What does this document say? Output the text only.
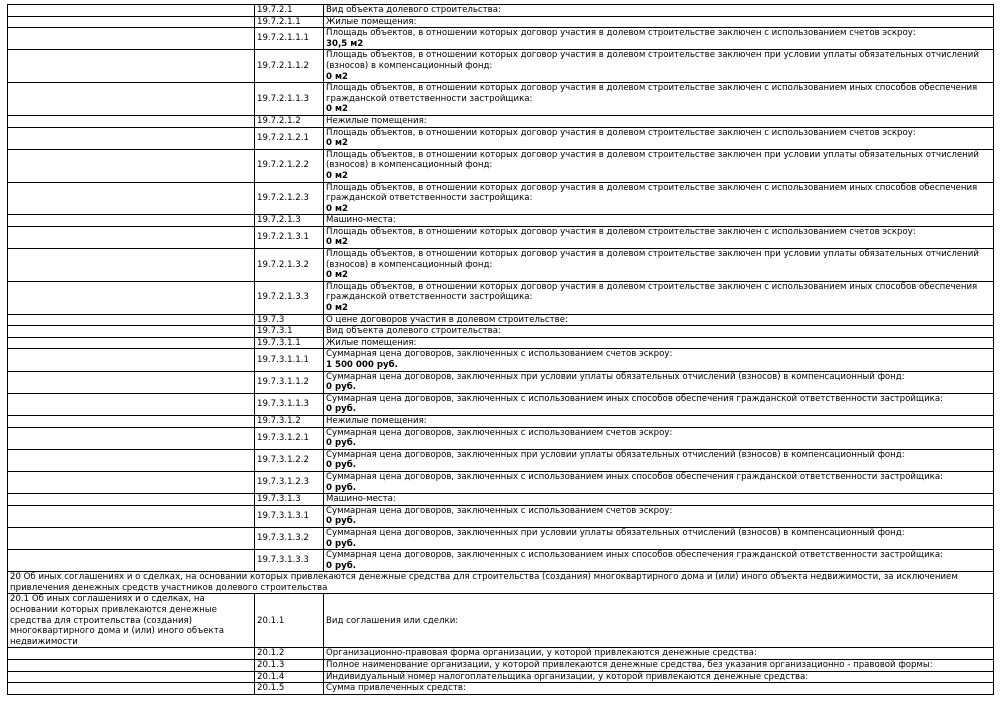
	19.7.2.1	Вид объекта долевого строительства:
	19.7.2.1.1	Жилые помещения:
	19.7.2.1.1.1	Площадь объектов, в отношении которых договор участия в долевом строительстве заключен с использованием счетов эскроу:
30,5 м2

	19.7.2.1.1.2	Площадь объектов, в отношении которых договор участия в долевом строительстве заключен при условии уплаты обязательных отчислений (взносов) в компенсационный фонд:
0 м2

	19.7.2.1.1.3	Площадь объектов, в отношении которых договор участия в долевом строительстве заключен с использованием иных способов обеспечения гражданской ответственности застройщика:
0 м2

	19.7.2.1.2	Нежилые помещения:
	19.7.2.1.2.1	Площадь объектов, в отношении которых договор участия в долевом строительстве заключен с использованием счетов эскроу:
0 м2

	19.7.2.1.2.2	Площадь объектов, в отношении которых договор участия в долевом строительстве заключен при условии уплаты обязательных отчислений (взносов) в компенсационный фонд:
0 м2

	19.7.2.1.2.3	Площадь объектов, в отношении которых договор участия в долевом строительстве заключен с использованием иных способов обеспечения гражданской ответственности застройщика:
0 м2

	19.7.2.1.3	Машино-места:
	19.7.2.1.3.1	Площадь объектов, в отношении которых договор участия в долевом строительстве заключен с использованием счетов эскроу:
0 м2

	19.7.2.1.3.2	Площадь объектов, в отношении которых договор участия в долевом строительстве заключен при условии уплаты обязательных отчислений (взносов) в компенсационный фонд:
0 м2

	19.7.2.1.3.3	Площадь объектов, в отношении которых договор участия в долевом строительстве заключен с использованием иных способов обеспечения гражданской ответственности застройщика:
0 м2

	19.7.3	О цене договоров участия в долевом строительстве:
	19.7.3.1	Вид объекта долевого строительства:
	19.7.3.1.1	Жилые помещения:
	19.7.3.1.1.1	Суммарная цена договоров, заключенных с использованием счетов эскроу:
1 500 000 руб.

	19.7.3.1.1.2	Суммарная цена договоров, заключенных при условии уплаты обязательных отчислений (взносов) в компенсационный фонд:
0 руб.

	19.7.3.1.1.3	Суммарная цена договоров, заключенных с использованием иных способов обеспечения гражданской ответственности застройщика:
0 руб.

	19.7.3.1.2	Нежилые помещения:
	19.7.3.1.2.1	Суммарная цена договоров, заключенных с использованием счетов эскроу:
0 руб.

	19.7.3.1.2.2	Суммарная цена договоров, заключенных при условии уплаты обязательных отчислений (взносов) в компенсационный фонд:
0 руб.

	19.7.3.1.2.3	Суммарная цена договоров, заключенных с использованием иных способов обеспечения гражданской ответственности застройщика:
0 руб.

	19.7.3.1.3	Машино-места:
	19.7.3.1.3.1	Суммарная цена договоров, заключенных с использованием счетов эскроу:
0 руб.

	19.7.3.1.3.2	Суммарная цена договоров, заключенных при условии уплаты обязательных отчислений (взносов) в компенсационный фонд:
0 руб.

	19.7.3.1.3.3	Суммарная цена договоров, заключенных с использованием иных способов обеспечения гражданской ответственности застройщика:
0 руб.

20 Об иных соглашениях и о сделках, на основании которых привлекаются денежные средства для строительства (создания) многоквартирного дома и (или) иного объекта недвижимости, за исключением привлечения денежных средств участников долевого строительства		
20.1 Об иных соглашениях и о сделках, на основании которых привлекаются денежные средства для строительства (создания) многоквартирного дома и (или) иного объекта недвижимости	20.1.1	Вид соглашения или сделки:
	20.1.2	Организационно-правовая форма организации, у которой привлекаются денежные средства:
	20.1.3	Полное наименование организации, у которой привлекаются денежные средства, без указания организационно - правовой формы:
	20.1.4	Индивидуальный номер налогоплательщика организации, у которой привлекаются денежные средства:
	20.1.5	Сумма привлеченных средств:
